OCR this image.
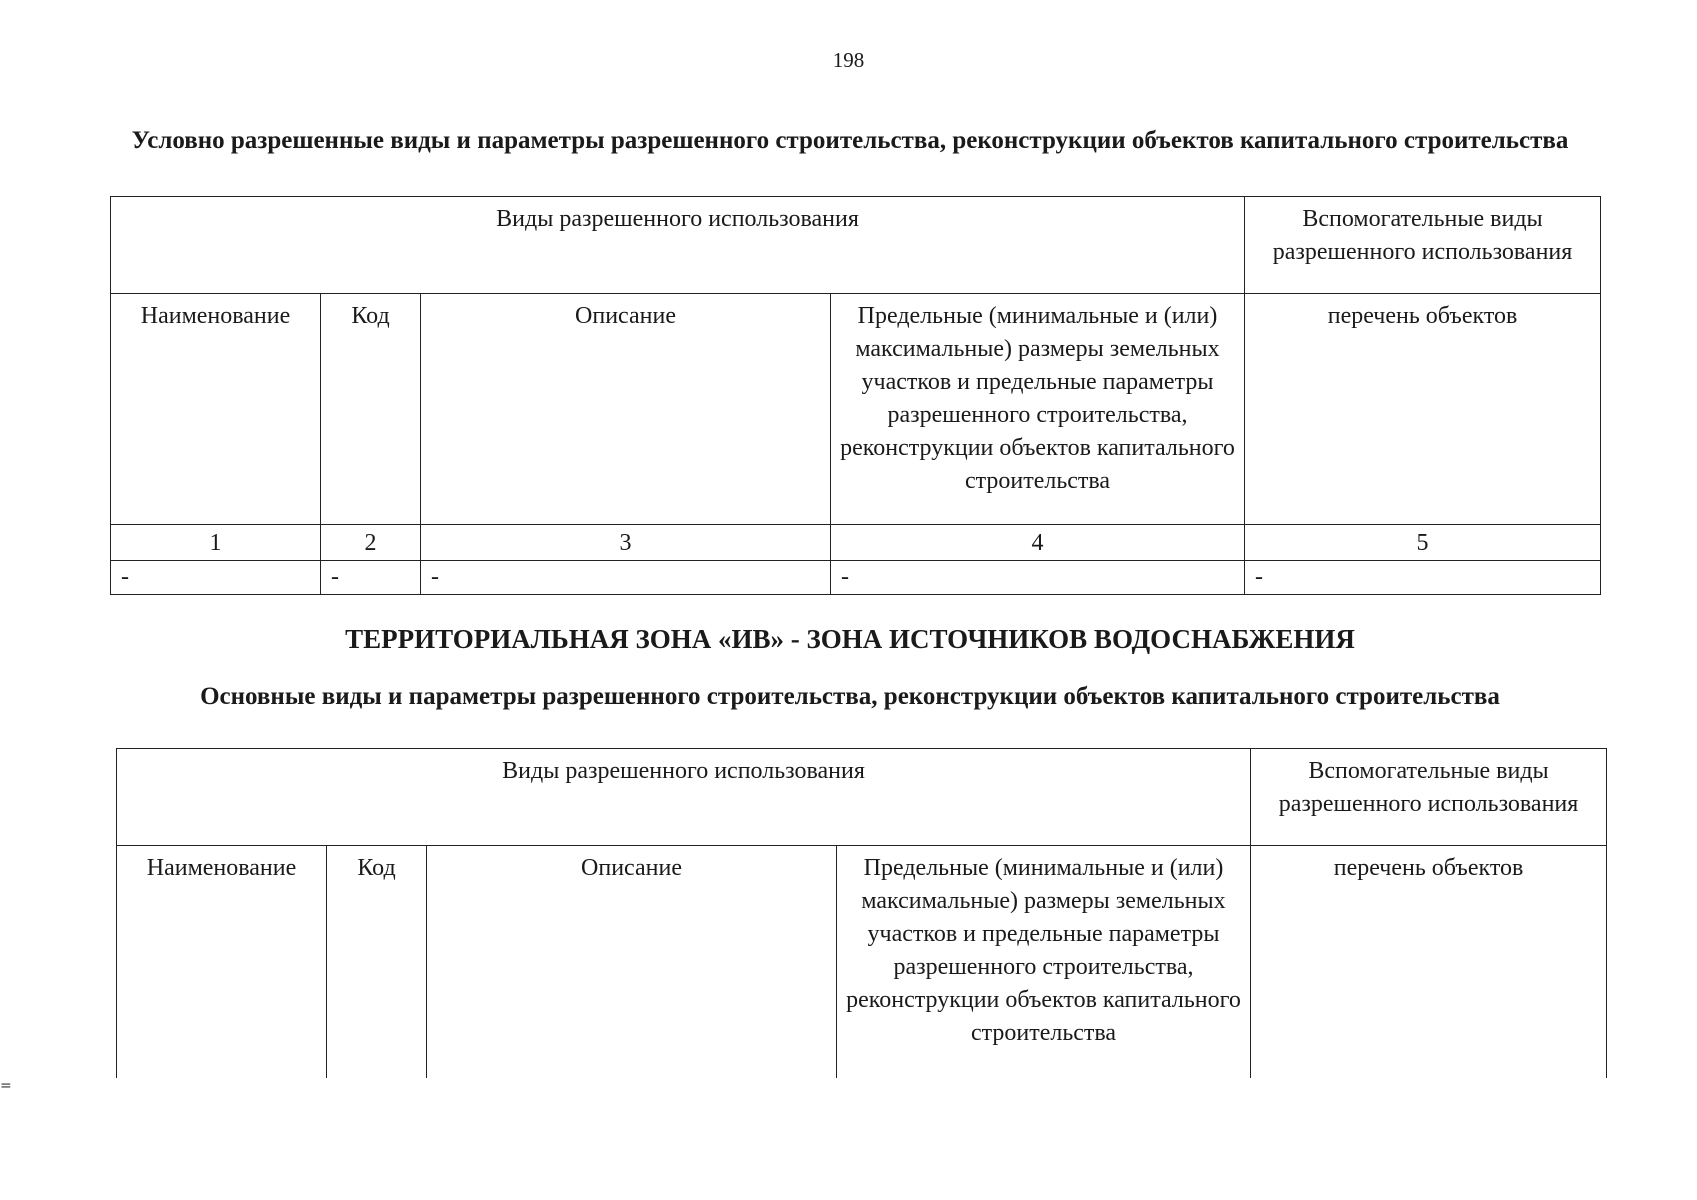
198
Условно разрешенные виды и параметры разрешенного строительства, реконструкции объектов капитального строительства
Виды разрешенного использования				Вспомогательные виды разрешенного использования
Наименование	Код	Описание	Предельные (минимальные и (или) максимальные) размеры земельных участков и предельные параметры разрешенного строительства, реконструкции объектов капитального строительства	перечень объектов
1	2	3	4	5
-	-	-	-	-
ТЕРРИТОРИАЛЬНАЯ ЗОНА «ИВ» - ЗОНА ИСТОЧНИКОВ ВОДОСНАБЖЕНИЯ
Основные виды и параметры разрешенного строительства, реконструкции объектов капитального строительства
Виды разрешенного использования				Вспомогательные виды разрешенного использования
Наименование	Код	Описание	Предельные (минимальные и (или) максимальные) размеры земельных участков и предельные параметры разрешенного строительства, реконструкции объектов капитального строительства	перечень объектов
=
